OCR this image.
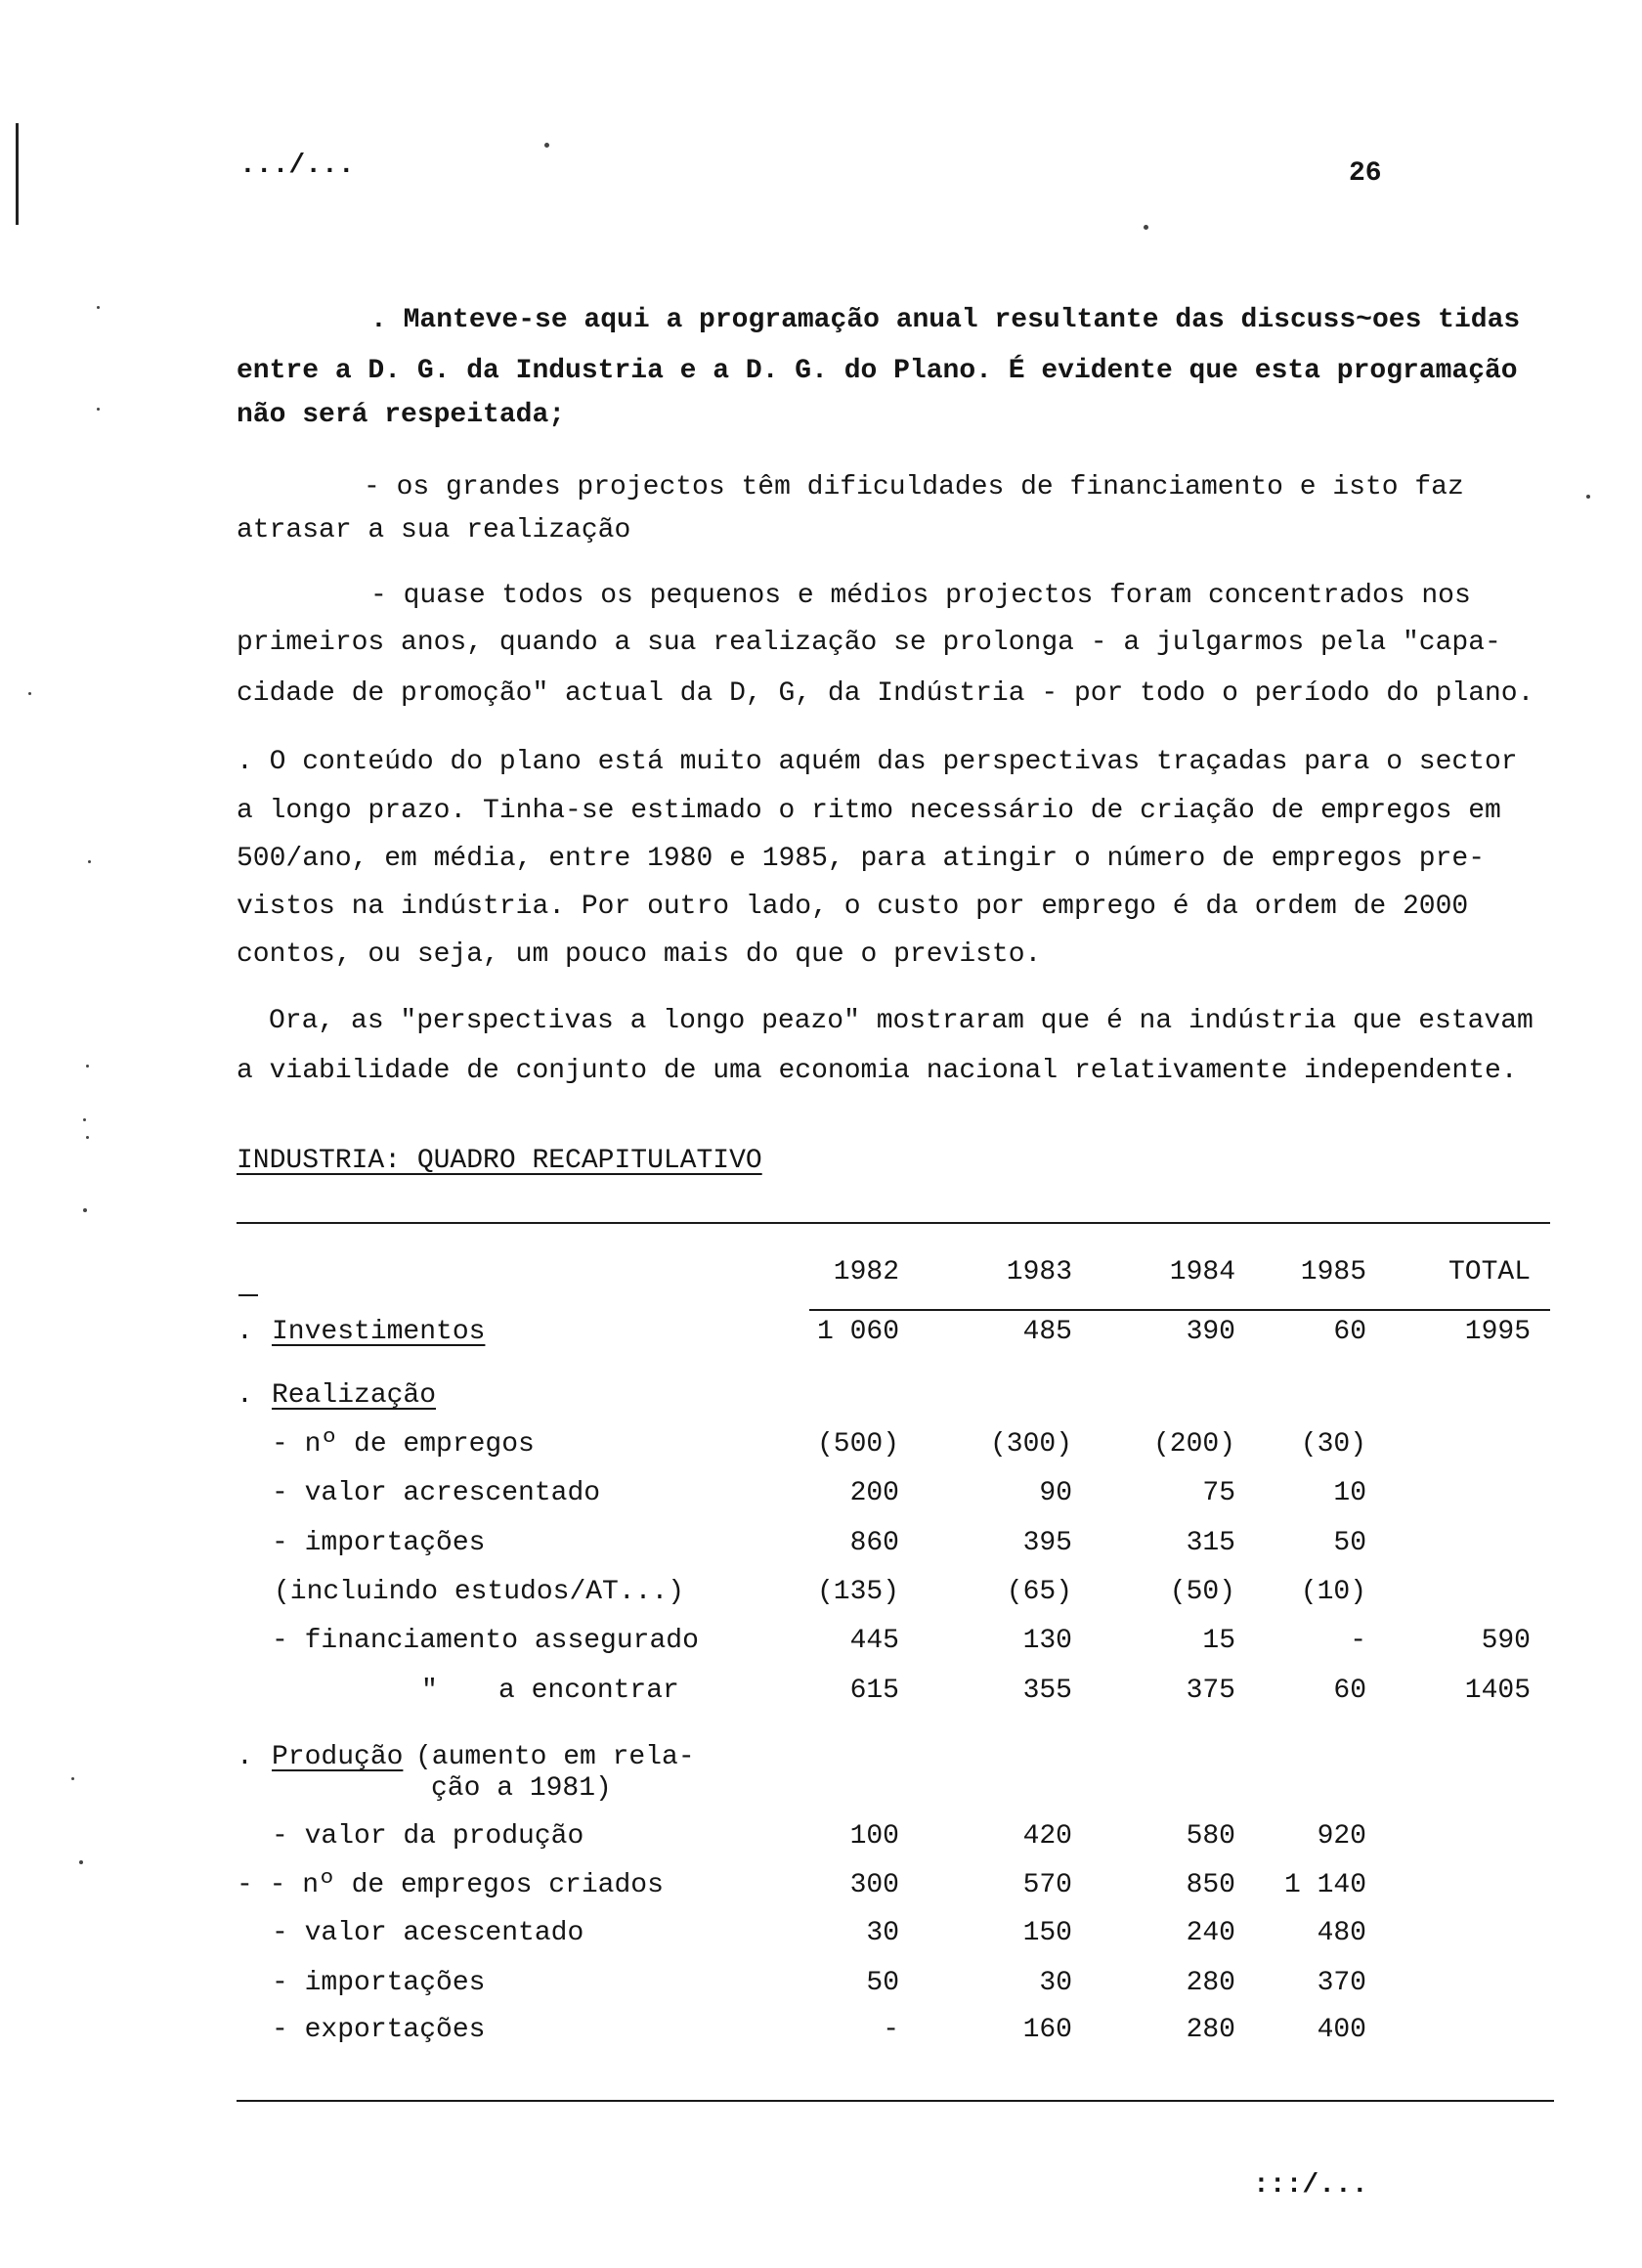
.../...	26
. Manteve-se aqui a programação anual resultante das discuss~oes tidas
entre a D. G. da Industria e a D. G. do Plano. É evidente que esta programação
não será respeitada;
- os grandes projectos têm dificuldades de financiamento e isto faz
atrasar a sua realização
- quase todos os pequenos e médios projectos foram concentrados nos
primeiros anos, quando a sua realização se prolonga - a julgarmos pela "capa-
cidade de promoção" actual da D, G, da Indústria - por todo o período do plano.
. O conteúdo do plano está muito aquém das perspectivas traçadas para o sector
a longo prazo. Tinha-se estimado o ritmo necessário de criação de empregos em
500/ano, em média, entre 1980 e 1985, para atingir o número de empregos pre-
vistos na indústria. Por outro lado, o custo por emprego é da ordem de 2000
contos, ou seja, um pouco mais do que o previsto.
Ora, as "perspectivas a longo peazo" mostraram que é na indústria que estavam
a viabilidade de conjunto de uma economia nacional relativamente independente.
INDUSTRIA: QUADRO RECAPITULATIVO
1982	1983	1984	1985	TOTAL
. Investimentos	1 060	485	390	60	1995
. Realização
- nº de empregos	(500)	(300)	(200)	(30)
- valor acrescentado	200	90	75	10
- importações	860	395	315	50
(incluindo estudos/AT...)	(135)	(65)	(50)	(10)
- financiamento assegurado	445	130	15	-	590
" a encontrar	615	355	375	60	1405
. Produção (aumento em rela-
ção a 1981)
- valor da produção	100	420	580	920
- - nº de empregos criados	300	570	850	1 140
- valor acescentado	30	150	240	480
- importações	50	30	280	370
- exportações	-	160	280	400
:::/...
